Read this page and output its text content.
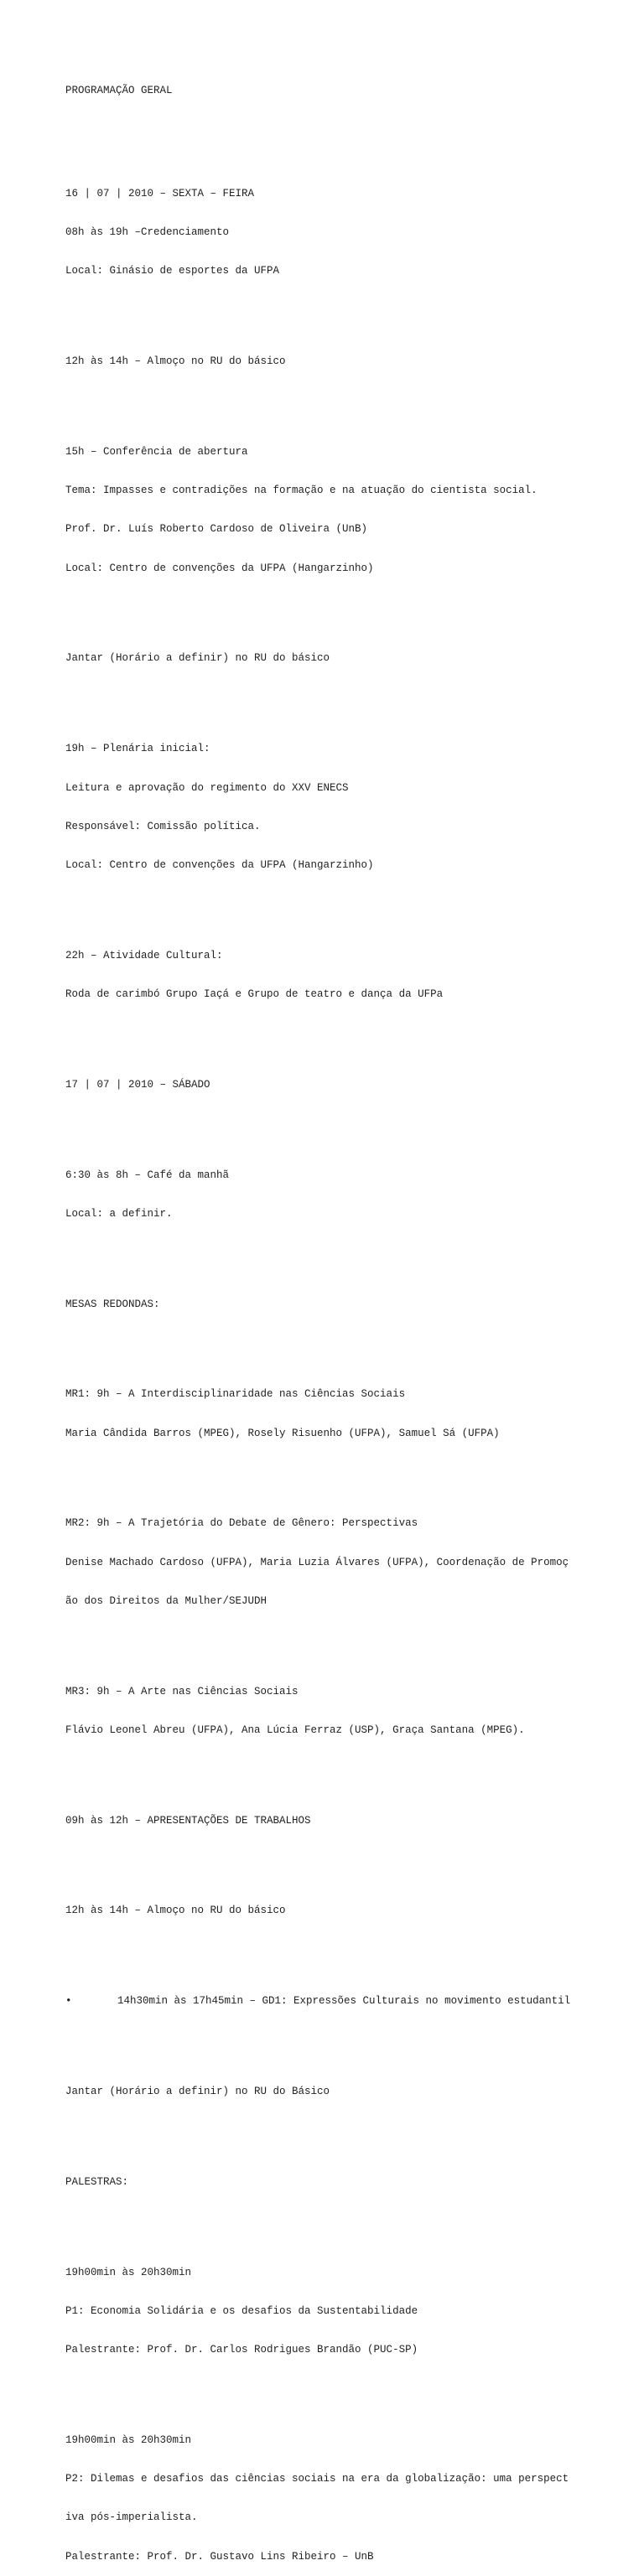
PROGRAMAÇÃO GERAL

16 | 07 | 2010 – SEXTA – FEIRA

08h às 19h –Credenciamento

Local: Ginásio de esportes da UFPA

12h às 14h – Almoço no RU do básico

15h – Conferência de abertura

Tema: Impasses e contradições na formação e na atuação do cientista social.

Prof. Dr. Luís Roberto Cardoso de Oliveira (UnB)

Local: Centro de convenções da UFPA (Hangarzinho)

Jantar (Horário a definir) no RU do básico

19h – Plenária inicial:

Leitura e aprovação do regimento do XXV ENECS

Responsável: Comissão política.

Local: Centro de convenções da UFPA (Hangarzinho)

22h – Atividade Cultural:

Roda de carimbó Grupo Iaçá e Grupo de teatro e dança da UFPa

17 | 07 | 2010 – SÁBADO

6:30 às 8h – Café da manhã

Local: a definir.

MESAS REDONDAS:

MR1: 9h – A Interdisciplinaridade nas Ciências Sociais

Maria Cândida Barros (MPEG), Rosely Risuenho (UFPA), Samuel Sá (UFPA)

MR2: 9h – A Trajetória do Debate de Gênero: Perspectivas

Denise Machado Cardoso (UFPA), Maria Luzia Álvares (UFPA), Coordenação de Promoç

ão dos Direitos da Mulher/SEJUDH

MR3: 9h – A Arte nas Ciências Sociais

Flávio Leonel Abreu (UFPA), Ana Lúcia Ferraz (USP), Graça Santana (MPEG).

09h às 12h – APRESENTAÇÕES DE TRABALHOS

12h às 14h – Almoço no RU do básico

•	14h30min às 17h45min – GD1: Expressões Culturais no movimento estudantil

Jantar (Horário a definir) no RU do Básico

PALESTRAS:

19h00min às 20h30min

P1: Economia Solidária e os desafios da Sustentabilidade

Palestrante: Prof. Dr. Carlos Rodrigues Brandão (PUC-SP)

19h00min às 20h30min

P2: Dilemas e desafios das ciências sociais na era da globalização: uma perspect

iva pós-imperialista.

Palestrante: Prof. Dr. Gustavo Lins Ribeiro – UnB
